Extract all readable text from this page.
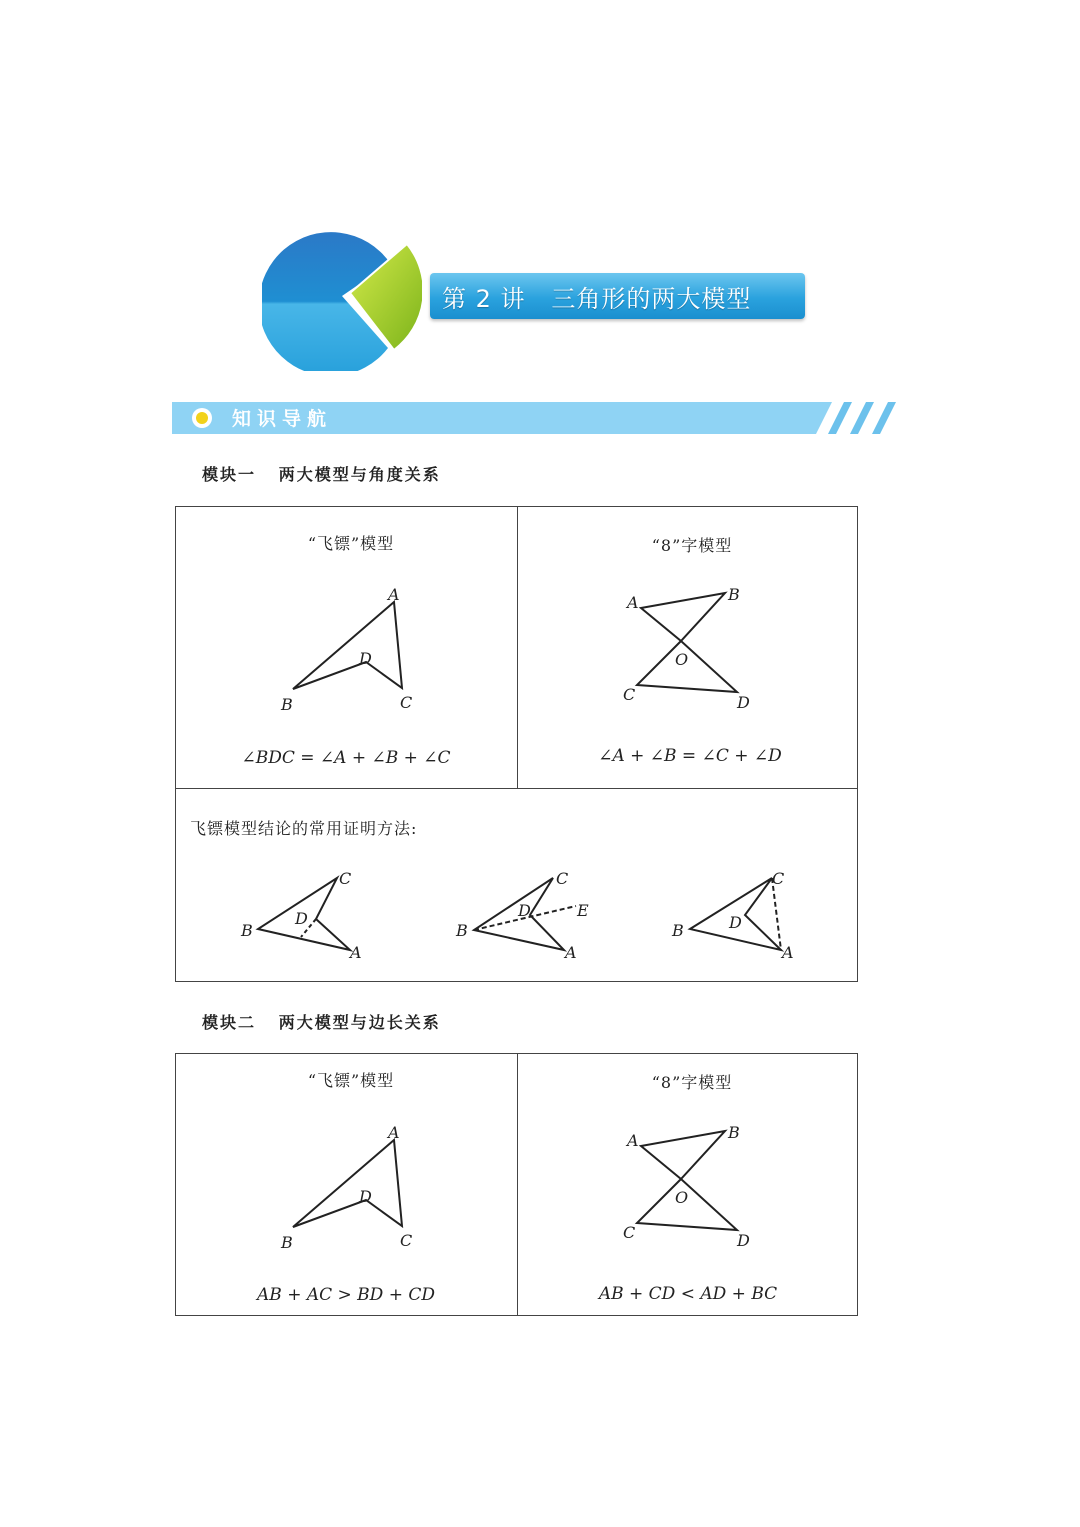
第 2 讲   三角形的两大模型
知识导航
模块一   两大模型与角度关系
“飞镖”模型	“8”字模型
A
D
B	C
A	B
O
C	D
∠BDC = ∠A + ∠B + ∠C	∠A + ∠B = ∠C + ∠D
飞镖模型结论的常用证明方法:
C
B
D
A
C
B
D	E
A
C
B	D
A
模块二   两大模型与边长关系
“飞镖”模型	“8”字模型
A
D
B	C
A	B
O
C	D
AB + AC > BD + CD	AB + CD < AD + BC
